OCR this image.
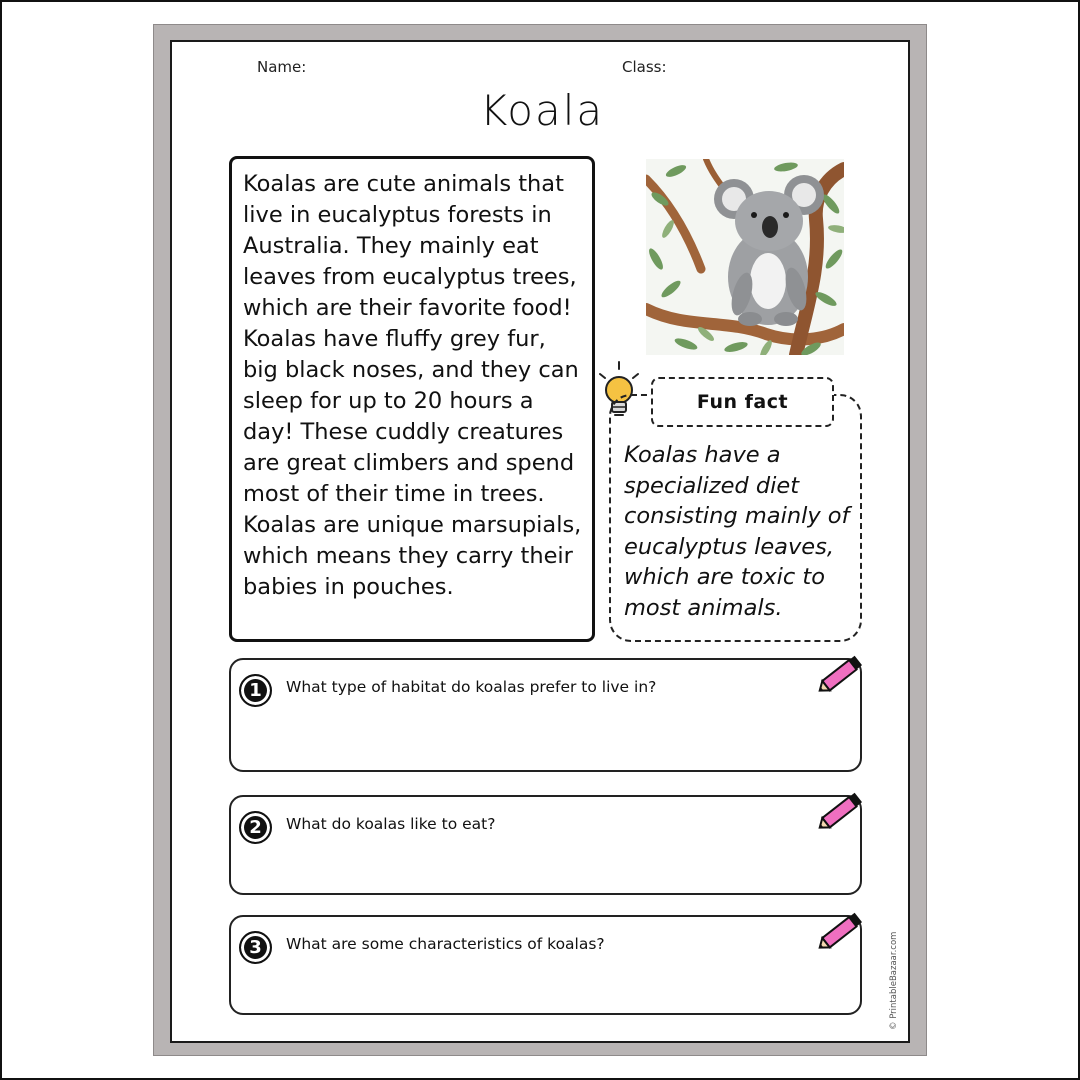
Name:	Class:
Koala

Koalas are cute animals that live in eucalyptus forests in Australia. They mainly eat leaves from eucalyptus trees, which are their favorite food! Koalas have fluffy grey fur, big black noses, and they can sleep for up to 20 hours a day! These cuddly creatures are great climbers and spend most of their time in trees. Koalas are unique marsupials, which means they carry their babies in pouches.

Koalas have a specialized diet consisting mainly of eucalyptus leaves, which are toxic to most animals.

Fun fact
1	What type of habitat do koalas prefer to live in?
2	What do koalas like to eat?
3	What are some characteristics of koalas?	© PrintableBazaar.com
